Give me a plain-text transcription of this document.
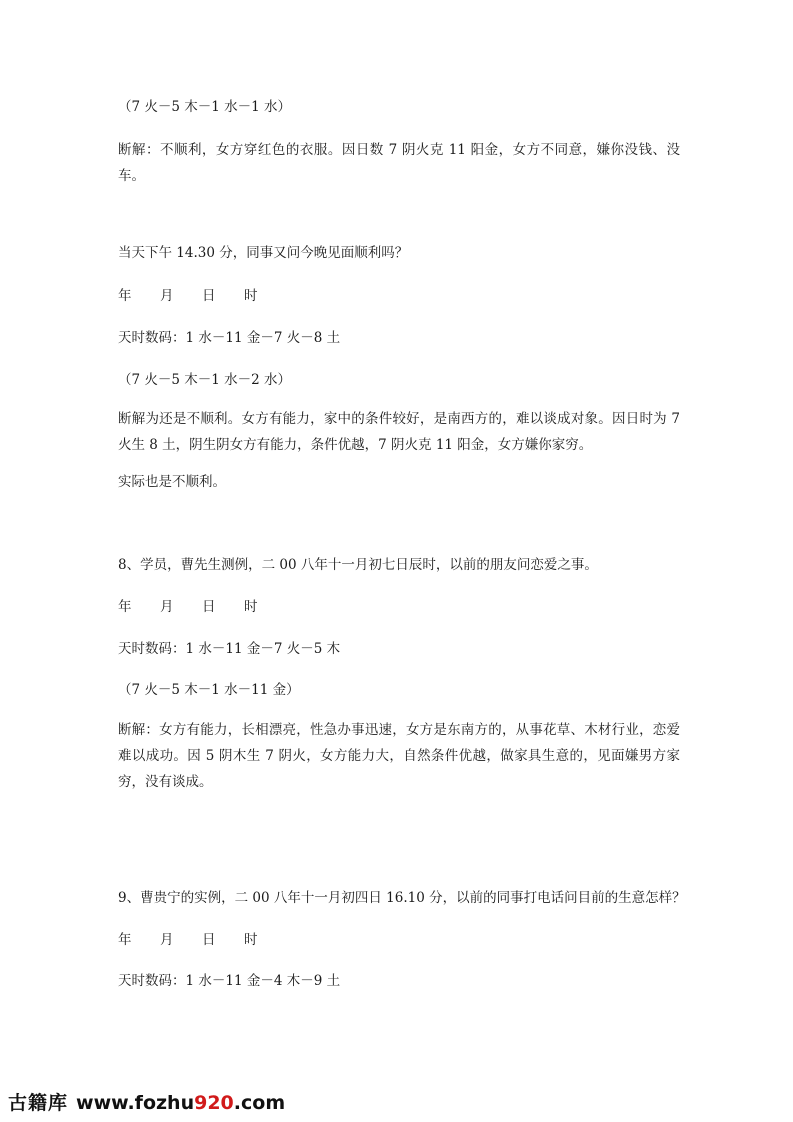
（7 火－5 木－1 水－1 水）
断解：不顺利，女方穿红色的衣服。因日数 7 阴火克 11 阳金，女方不同意，嫌你没钱、没车。
当天下午 14.30 分，同事又问今晚见面顺利吗？
年	月	日	时
天时数码：1 水－11 金－7 火－8 土
（7 火－5 木－1 水－2 水）
断解为还是不顺利。女方有能力，家中的条件较好，是南西方的，难以谈成对象。因日时为 7 火生 8 土，阴生阴女方有能力，条件优越，7 阴火克 11 阳金，女方嫌你家穷。
实际也是不顺利。
8、学员，曹先生测例，二 00 八年十一月初七日辰时，以前的朋友问恋爱之事。
年	月	日	时
天时数码：1 水－11 金－7 火－5 木
（7 火－5 木－1 水－11 金）
断解：女方有能力，长相漂亮，性急办事迅速，女方是东南方的，从事花草、木材行业，恋爱难以成功。因 5 阴木生 7 阴火，女方能力大，自然条件优越，做家具生意的，见面嫌男方家穷，没有谈成。
9、曹贵宁的实例，二 00 八年十一月初四日 16.10 分，以前的同事打电话问目前的生意怎样？
年	月	日	时
天时数码：1 水－11 金－4 木－9 土
古籍库 www.fozhu920.com
